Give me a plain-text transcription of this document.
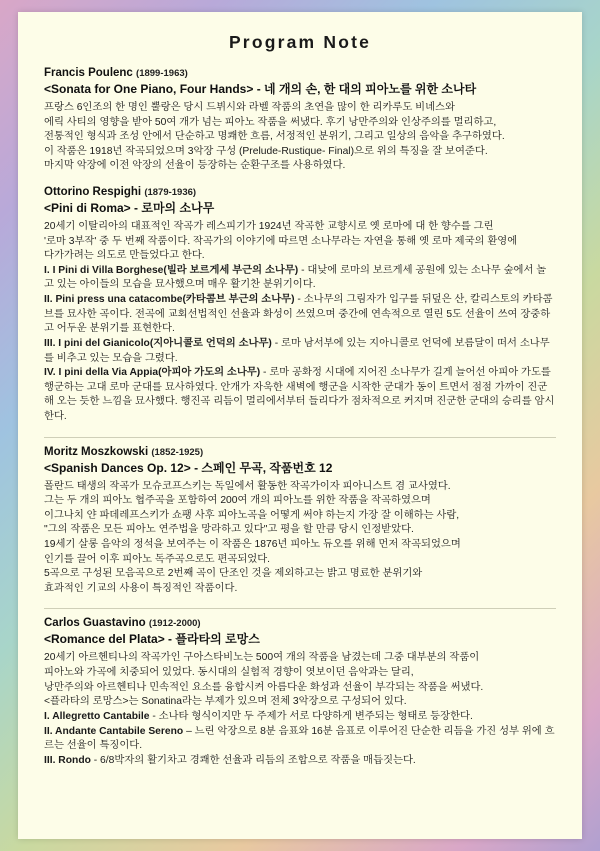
Program Note
Francis Poulenc (1899-1963)
<Sonata for One Piano, Four Hands> - 네 개의 손, 한 대의 피아노를 위한 소나타

프랑스 6인조의 한 명인 뿔랑은 당시 드뷔시와 라벨 작품의 초연을 많이 한 리카루도 비녜스와

에릭 사티의 영향을 받아 50여 개가 넘는 피아노 작품을 써냈다. 후기 낭만주의와 인상주의를 멀리하고,

전통적인 형식과 조성 안에서 단순하고 명쾌한 흐름, 서정적인 분위기, 그리고 일상의 음악을 추구하였다.

이 작품은 1918년 작곡되었으며 3악장 구성 (Prelude-Rustique- Final)으로 위의 특징을 잘 보여준다.

마지막 악장에 이전 악장의 선율이 등장하는 순환구조를 사용하였다.

Ottorino Respighi (1879-1936)
<Pini di Roma> - 로마의 소나무

20세기 이탈리아의 대표적인 작곡가 레스피기가 1924년 작곡한 교향시로 옛 로마에 대 한 향수를 그린

'로마 3부작' 중 두 번째 작품이다. 작곡가의 이야기에 따르면 소나무라는 자연을 통해 옛 로마 제국의 환영에

다가가려는 의도로 만들었다고 한다.

I. I Pini di Villa Borghese(빌라 보르게세 부근의 소나무) - 대낮에 로마의 보르게세 공원에 있는 소나무 숲에서 놀고 있는 아이들의 모습을 묘사했으며 매우 활기찬 분위기이다.

II. Pini press una catacombe(카타콤브 부근의 소나무) - 소나무의 그림자가 입구를 뒤덮은 산, 칼리스토의 카타콤브를 묘사한 곡이다. 전곡에 교회선법적인 선율과 화성이 쓰였으며 중간에 연속적으로 열린 5도 선율이 쓰여 장중하고 어두운 분위기를 표현한다.

III. I pini del Gianicolo(지아니콜로 언덕의 소나무) - 로마 남서부에 있는 지아니콜로 언덕에 보름달이 떠서 소나무를 비추고 있는 모습을 그렸다.

IV. I pini della Via Appia(아피아 가도의 소나무) - 로마 공화정 시대에 지어진 소나무가 길게 늘어선 아피아 가도를 행군하는 고대 로마 군대를 묘사하였다. 안개가 자욱한 새벽에 행군을 시작한 군대가 동이 트면서 점점 가까이 진군해 오는 듯한 느낌을 묘사했다. 행진곡 리듬이 멀리에서부터 들리다가 점차적으로 커지며 진군한 군대의 승리를 암시한다.

Moritz Moszkowski (1852-1925)
<Spanish Dances Op. 12> - 스페인 무곡, 작품번호 12

폴란드 태생의 작곡가 모슈코프스키는 독일에서 활동한 작곡가이자 피아니스트 겸 교사였다.

그는 두 개의 피아노 협주곡을 포함하여 200여 개의 피아노를 위한 작품을 작곡하였으며

이그나치 얀 파데레프스키가 쇼팽 사후 피아노곡을 어떻게 써야 하는지 가장 잘 이해하는 사람,

"그의 작품은 모든 피아노 연주법을 망라하고 있다"고 평을 할 만큼 당시 인정받았다.

19세기 살롱 음악의 정석을 보여주는 이 작품은 1876년 피아노 듀오를 위해 먼저 작곡되었으며

인기를 끌어 이후 피아노 독주곡으로도 편곡되었다.

5곡으로 구성된 모음곡으로 2번째 곡이 단조인 것을 제외하고는 밝고 명료한 분위기와

효과적인 기교의 사용이 특징적인 작품이다.

Carlos Guastavino (1912-2000)
<Romance del Plata> - 플라타의 로망스

20세기 아르헨티나의 작곡가인 구아스타비노는 500여 개의 작품을 남겼는데 그중 대부분의 작품이

피아노와 가곡에 치중되어 있었다. 동시대의 실험적 경향이 엿보이던 음악과는 달리,

낭만주의와 아르헨티나 민속적인 요소를 융합시켜 아름다운 화성과 선율이 부각되는 작품을 써냈다.

<플라타의 로망스>는 Sonatina라는 부제가 있으며 전체 3악장으로 구성되어 있다.

I. Allegretto Cantabile - 소나타 형식이지만 두 주제가 서로 다양하게 변주되는 형태로 등장한다.

II. Andante Cantabile Sereno – 느린 악장으로 8분 음표와 16분 음표로 이루어진 단순한 리듬을 가진 성부 위에 흐르는 선율이 특징이다.

III. Rondo - 6/8박자의 활기차고 경쾌한 선율과 리듬의 조합으로 작품을 매듭짓는다.
